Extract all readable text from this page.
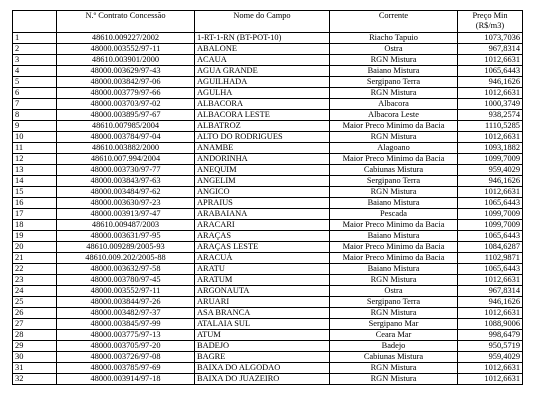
	N.º Contrato Concessão	Nome do Campo	Corrente	Preço Min
(R$/m3)

1	48610.009227/2002	1-RT-1-RN (BT-POT-10)	Riacho Tapuio	1073,7036
2	48000.003552/97-11	ABALONE	Ostra	967,8314
3	48610.003901/2000	ACAUA	RGN Mistura	1012,6631
4	48000.003629/97-43	AGUA GRANDE	Baiano Mistura	1065,6443
5	48000.003842/97-06	AGUILHADA	Sergipano Terra	946,1626
6	48000.003779/97-66	AGULHA	RGN Mistura	1012,6631
7	48000.003703/97-02	ALBACORA	Albacora	1000,3749
8	48000.003895/97-67	ALBACORA LESTE	Albacora Leste	938,2574
9	48610.007985/2004	ALBATROZ	Maior Preco Minimo da Bacia	1110,5285
10	48000.003784/97-04	ALTO DO RODRIGUES	RGN Mistura	1012,6631
11	48610.003882/2000	ANAMBE	Alagoano	1093,1882
12	48610.007.994/2004	ANDORINHA	Maior Preco Minimo da Bacia	1099,7009
13	48000.003730/97-77	ANEQUIM	Cabiunas Mistura	959,4029
14	48000.003843/97-63	ANGELIM	Sergipano Terra	946,1626
15	48000.003484/97-62	ANGICO	RGN Mistura	1012,6631
16	48000.003630/97-23	APRAIUS	Baiano Mistura	1065,6443
17	48000.003913/97-47	ARABAIANA	Pescada	1099,7009
18	48610.009487/2003	ARACARI	Maior Preco Minimo da Bacia	1099,7009
19	48000.003631/97-95	ARAÇAS	Baiano Mistura	1065,6443
20	48610.009289/2005-93	ARAÇAS LESTE	Maior Preco Minimo da Bacia	1084,6287
21	48610.009.202/2005-88	ARACUÁ	Maior Preco Minimo da Bacia	1102,9871
22	48000.003632/97-58	ARATU	Baiano Mistura	1065,6443
23	48000.003780/97-45	ARATUM	RGN Mistura	1012,6631
24	48000.003552/97-11	ARGONAUTA	Ostra	967,8314
25	48000.003844/97-26	ARUARI	Sergipano Terra	946,1626
26	48000.003482/97-37	ASA BRANCA	RGN Mistura	1012,6631
27	48000.003845/97-99	ATALAIA SUL	Sergipano Mar	1088,9006
28	48000.003775/97-13	ATUM	Ceara Mar	998,6479
29	48000.003705/97-20	BADEJO	Badejo	950,5719
30	48000.003726/97-08	BAGRE	Cabiunas Mistura	959,4029
31	48000.003785/97-69	BAIXA DO ALGODAO	RGN Mistura	1012,6631
32	48000.003914/97-18	BAIXA DO JUAZEIRO	RGN Mistura	1012,6631
